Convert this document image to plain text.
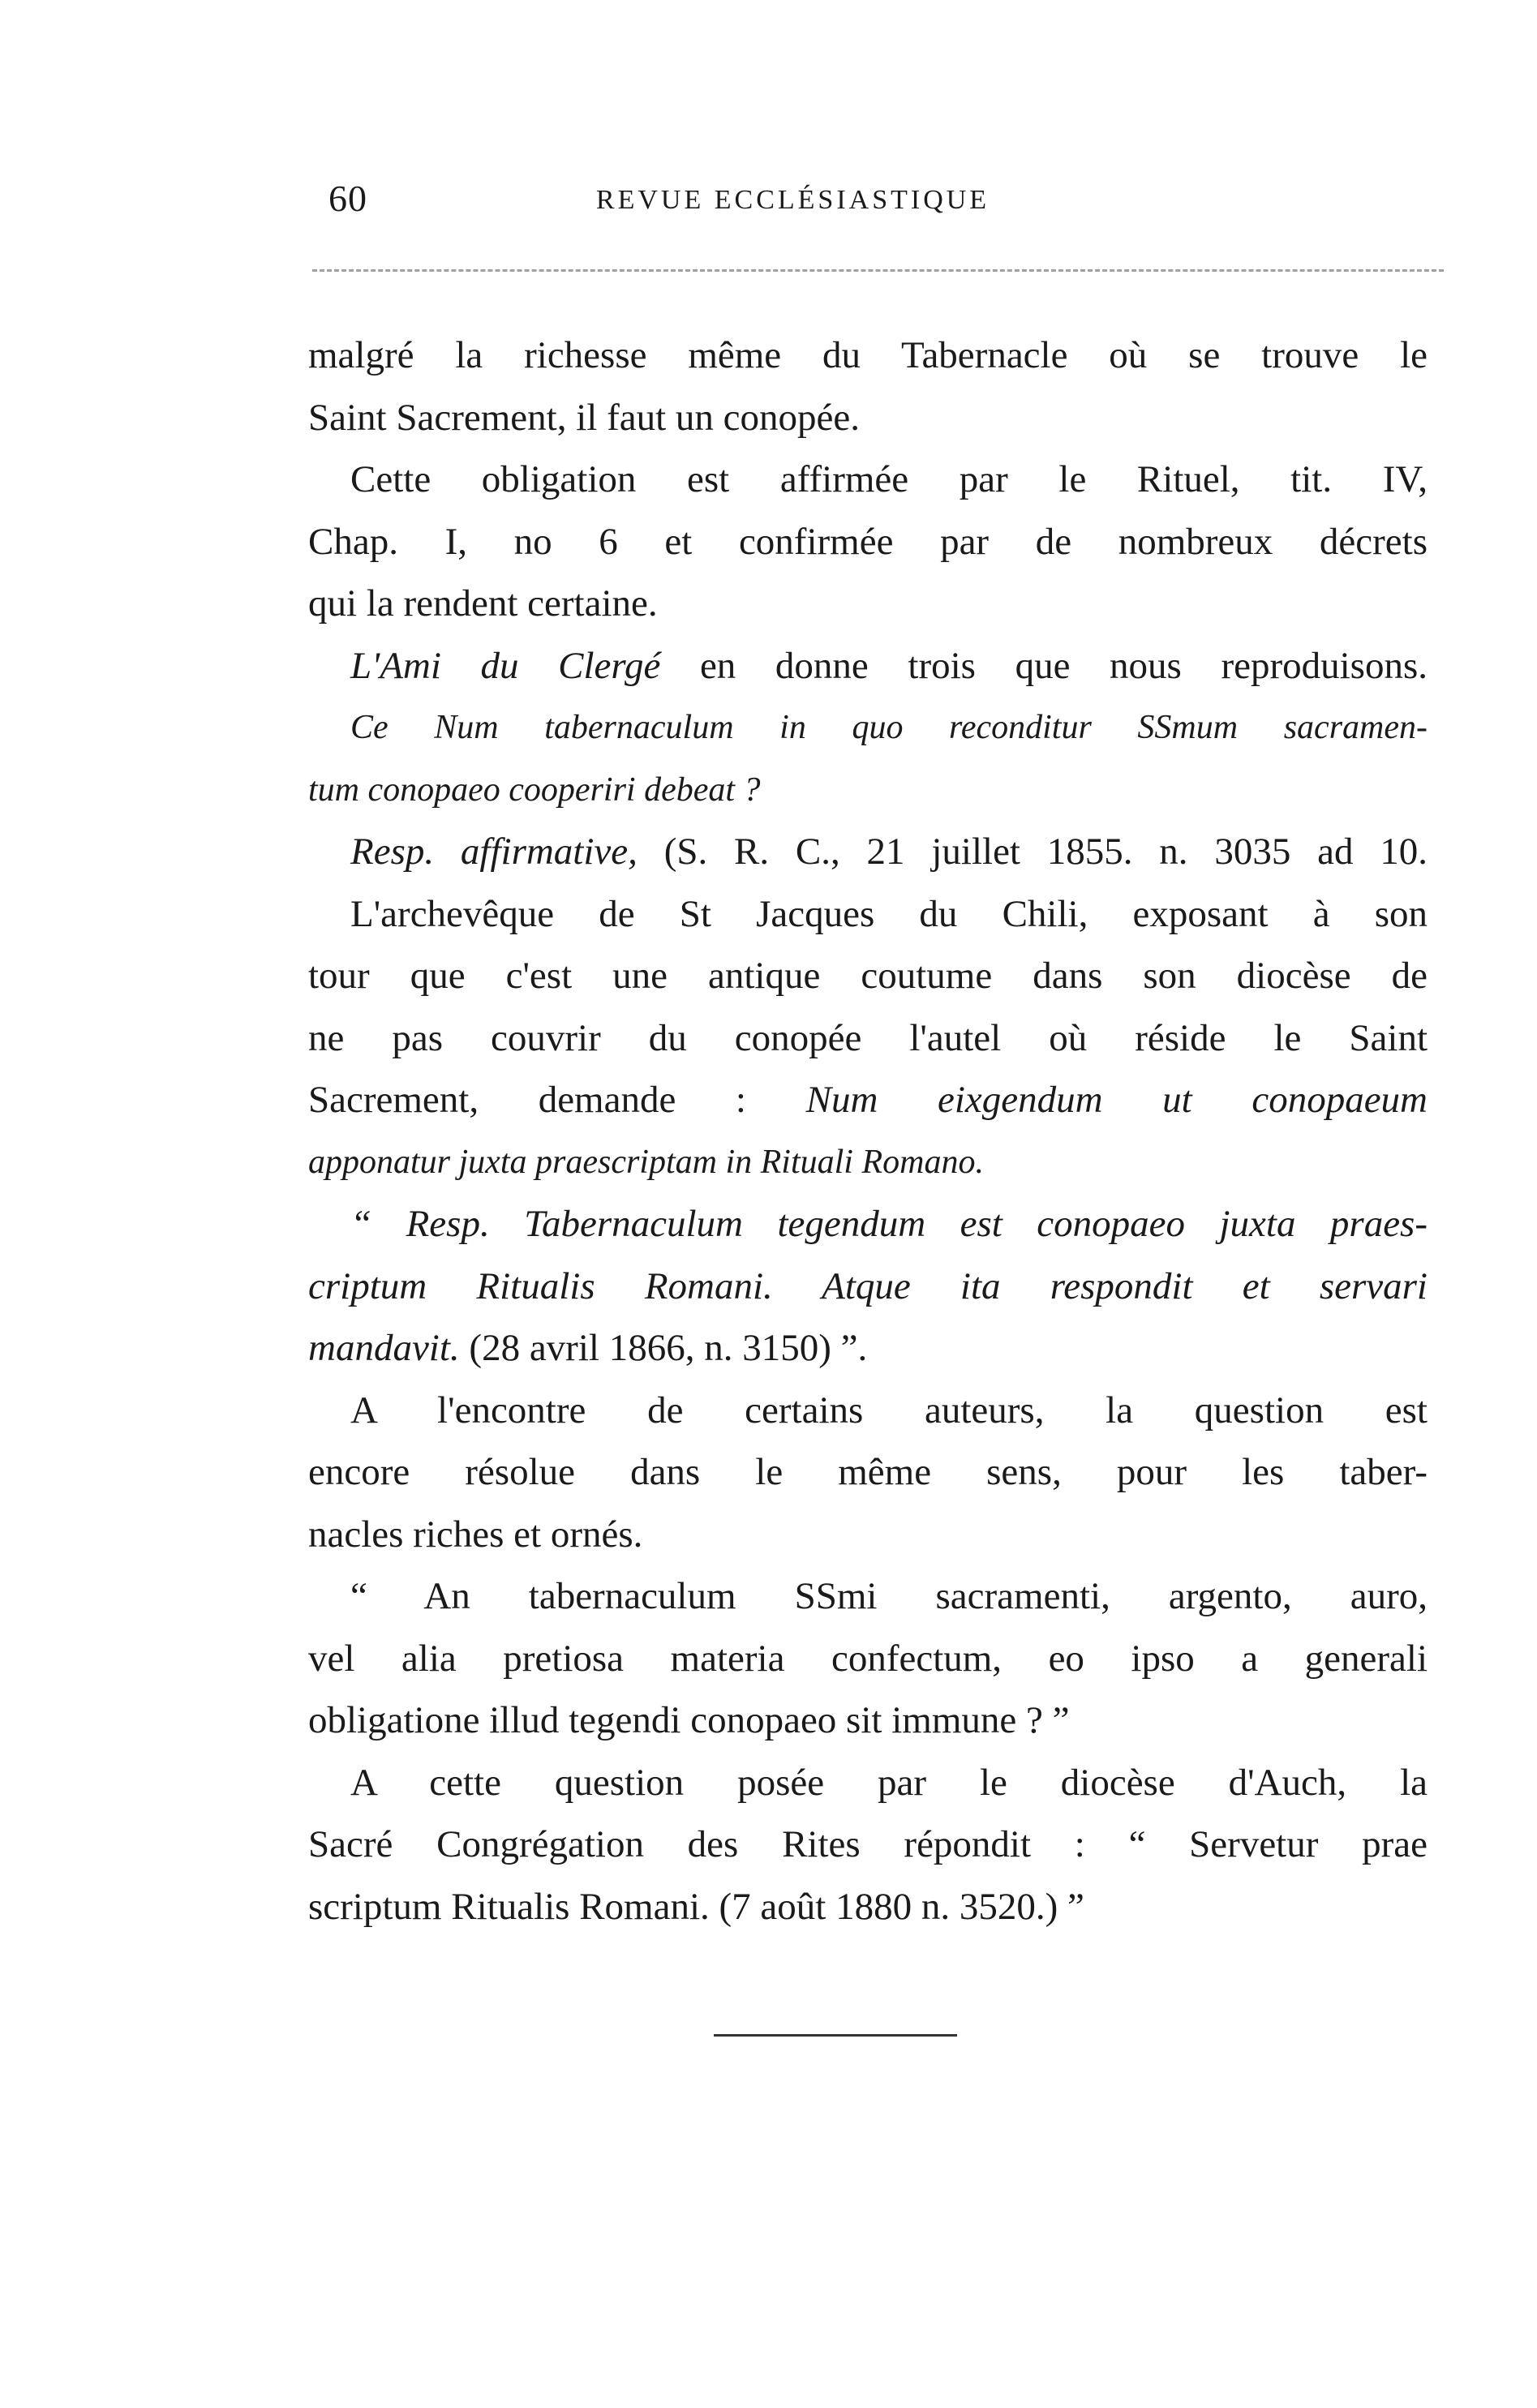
60	REVUE ECCLÉSIASTIQUE
malgré la richesse même du Tabernacle où se trouve le
Saint Sacrement, il faut un conopée.
Cette obligation est affirmée par le Rituel, tit. IV,
Chap. I, no 6 et confirmée par de nombreux décrets
qui la rendent certaine.
L'Ami du Clergé en donne trois que nous reproduisons.
Ce Num tabernaculum in quo reconditur SSmum sacramen-
tum conopaeo cooperiri debeat ?
Resp. affirmative, (S. R. C., 21 juillet 1855. n. 3035 ad 10.
L'archevêque de St Jacques du Chili, exposant à son
tour que c'est une antique coutume dans son diocèse de
ne pas couvrir du conopée l'autel où réside le Saint
Sacrement, demande : Num eixgendum ut conopaeum
apponatur juxta praescriptam in Rituali Romano.
“ Resp. Tabernaculum tegendum est conopaeo juxta praes-
criptum Ritualis Romani. Atque ita respondit et servari
mandavit. (28 avril 1866, n. 3150) ”.
A l'encontre de certains auteurs, la question est
encore résolue dans le même sens, pour les taber-
nacles riches et ornés.
“ An tabernaculum SSmi sacramenti, argento, auro,
vel alia pretiosa materia confectum, eo ipso a generali
obligatione illud tegendi conopaeo sit immune ? ”
A cette question posée par le diocèse d'Auch, la
Sacré Congrégation des Rites répondit : “ Servetur prae
scriptum Ritualis Romani. (7 août 1880 n. 3520.) ”
